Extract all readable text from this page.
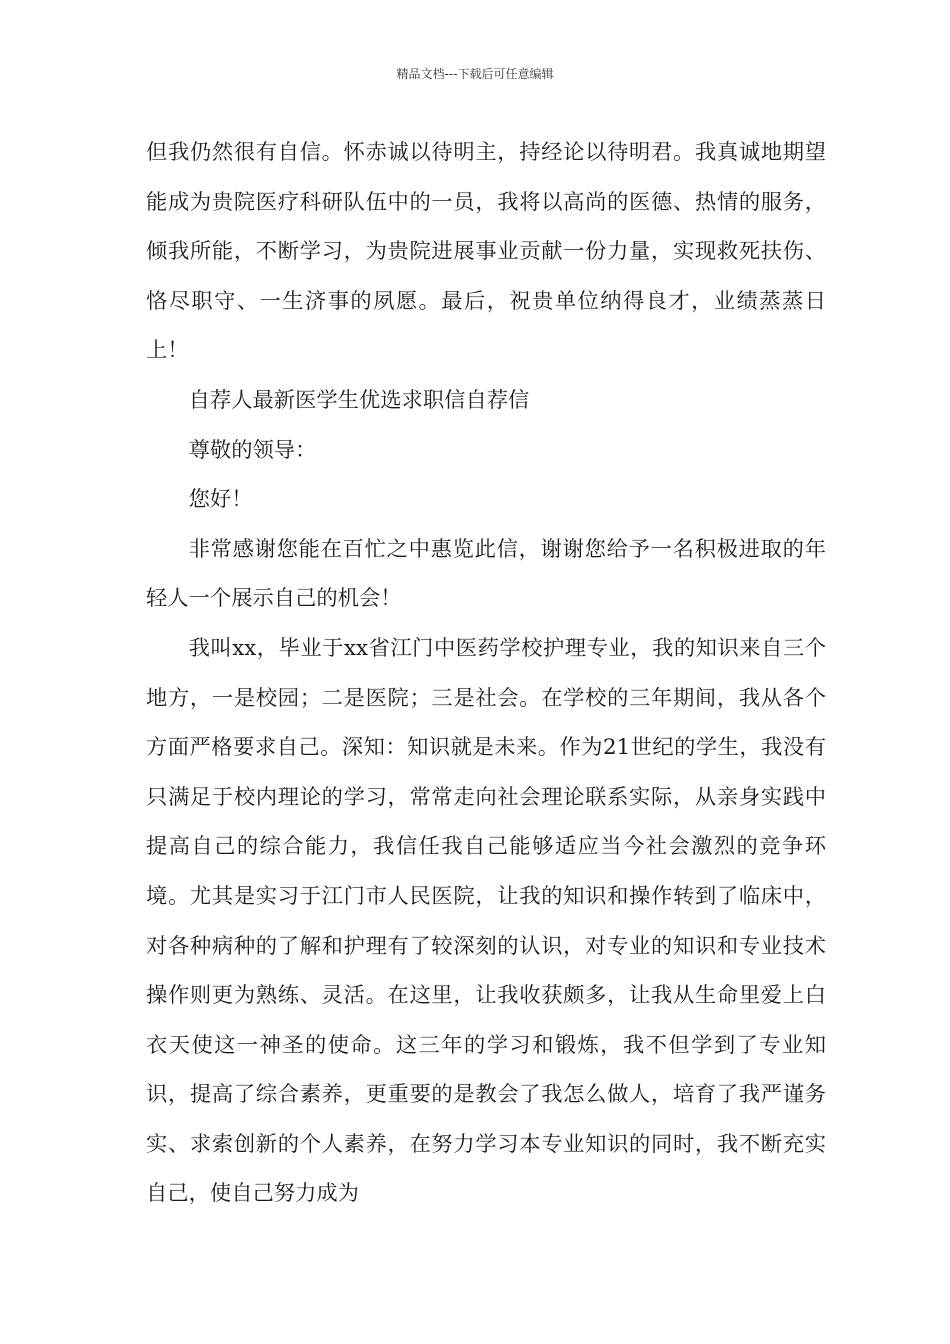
精品文档---下载后可任意编辑

但我仍然很有自信。怀赤诚以待明主，持经论以待明君。我真诚地期望能成为贵院医疗科研队伍中的一员，我将以高尚的医德、热情的服务，倾我所能，不断学习，为贵院进展事业贡献一份力量，实现救死扶伤、恪尽职守、一生济事的夙愿。最后，祝贵单位纳得良才，业绩蒸蒸日上！

自荐人最新医学生优选求职信自荐信

尊敬的领导：

您好！

非常感谢您能在百忙之中惠览此信，谢谢您给予一名积极进取的年轻人一个展示自己的机会！

我叫xx，毕业于xx省江门中医药学校护理专业，我的知识来自三个地方，一是校园；二是医院；三是社会。在学校的三年期间，我从各个方面严格要求自己。深知：知识就是未来。作为21世纪的学生，我没有只满足于校内理论的学习，常常走向社会理论联系实际，从亲身实践中提高自己的综合能力，我信任我自己能够适应当今社会激烈的竞争环境。尤其是实习于江门市人民医院，让我的知识和操作转到了临床中，对各种病种的了解和护理有了较深刻的认识，对专业的知识和专业技术操作则更为熟练、灵活。在这里，让我收获颇多，让我从生命里爱上白衣天使这一神圣的使命。这三年的学习和锻炼，我不但学到了专业知识，提高了综合素养，更重要的是教会了我怎么做人，培育了我严谨务实、求索创新的个人素养，在努力学习本专业知识的同时，我不断充实自己，使自己努力成为
